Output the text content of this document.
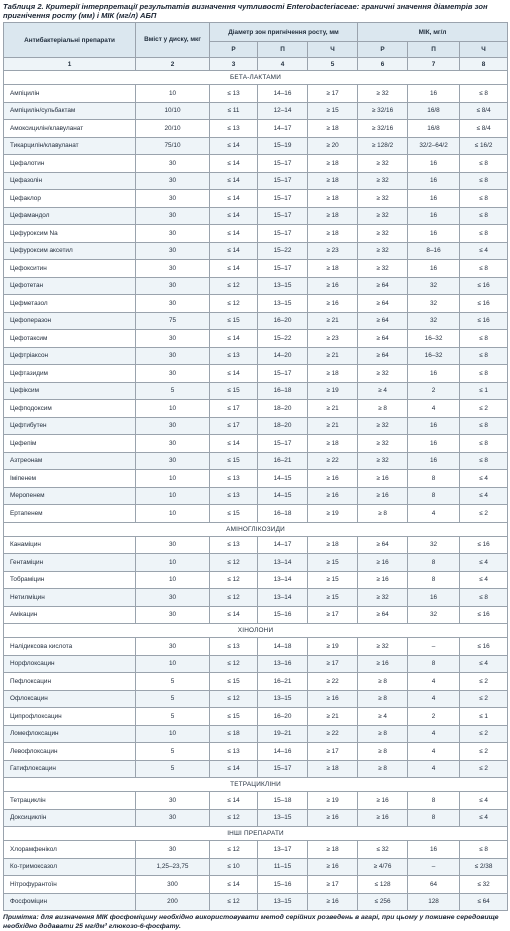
Таблиця 2. Критерії інтерпретації результатів визначення чутливості Enterobacteriaceae: граничні значення діаметрів зон пригнічення росту (мм) і МІК (мг/л) АБП
Антибактеріальні препарати	Вміст у диску, мкг	Діаметр зон пригнічення росту, мм			МІК, мг/л		
		Р	П	Ч	Р	П	Ч
1	2	3	4	5	6	7	8
БЕТА-ЛАКТАМИ							
Ампіцилін	10	≤ 13	14–16	≥ 17	≥ 32	16	≤ 8
Ампіцилін/сульбактам	10/10	≤ 11	12–14	≥ 15	≥ 32/16	16/8	≤ 8/4
Амоксицилін/клавуланат	20/10	≤ 13	14–17	≥ 18	≥ 32/16	16/8	≤ 8/4
Тикарцилін/клавуланат	75/10	≤ 14	15–19	≥ 20	≥ 128/2	32/2–64/2	≤ 16/2
Цефалотин	30	≤ 14	15–17	≥ 18	≥ 32	16	≤ 8
Цефазолін	30	≤ 14	15–17	≥ 18	≥ 32	16	≤ 8
Цефаклор	30	≤ 14	15–17	≥ 18	≥ 32	16	≤ 8
Цефамандол	30	≤ 14	15–17	≥ 18	≥ 32	16	≤ 8
Цефуроксим Na	30	≤ 14	15–17	≥ 18	≥ 32	16	≤ 8
Цефуроксим аксетил	30	≤ 14	15–22	≥ 23	≥ 32	8–16	≤ 4
Цефокситин	30	≤ 14	15–17	≥ 18	≥ 32	16	≤ 8
Цефотетан	30	≤ 12	13–15	≥ 16	≥ 64	32	≤ 16
Цефметазол	30	≤ 12	13–15	≥ 16	≥ 64	32	≤ 16
Цефоперазон	75	≤ 15	16–20	≥ 21	≥ 64	32	≤ 16
Цефотаксим	30	≤ 14	15–22	≥ 23	≥ 64	16–32	≤ 8
Цефтріаксон	30	≤ 13	14–20	≥ 21	≥ 64	16–32	≤ 8
Цефтазидим	30	≤ 14	15–17	≥ 18	≥ 32	16	≤ 8
Цефіксим	5	≤ 15	16–18	≥ 19	≥ 4	2	≤ 1
Цефподоксим	10	≤ 17	18–20	≥ 21	≥ 8	4	≤ 2
Цефтибутен	30	≤ 17	18–20	≥ 21	≥ 32	16	≤ 8
Цефепім	30	≤ 14	15–17	≥ 18	≥ 32	16	≤ 8
Азтреонам	30	≤ 15	16–21	≥ 22	≥ 32	16	≤ 8
Іміпенем	10	≤ 13	14–15	≥ 16	≥ 16	8	≤ 4
Меропенем	10	≤ 13	14–15	≥ 16	≥ 16	8	≤ 4
Ертапенем	10	≤ 15	16–18	≥ 19	≥ 8	4	≤ 2
АМІНОГЛІКОЗИДИ							
Канаміцин	30	≤ 13	14–17	≥ 18	≥ 64	32	≤ 16
Гентаміцин	10	≤ 12	13–14	≥ 15	≥ 16	8	≤ 4
Тобраміцин	10	≤ 12	13–14	≥ 15	≥ 16	8	≤ 4
Нетилміцин	30	≤ 12	13–14	≥ 15	≥ 32	16	≤ 8
Амікацин	30	≤ 14	15–16	≥ 17	≥ 64	32	≤ 16
ХІНОЛОНИ							
Налідиксова кислота	30	≤ 13	14–18	≥ 19	≥ 32	–	≤ 16
Норфлоксацин	10	≤ 12	13–16	≥ 17	≥ 16	8	≤ 4
Пефлоксацин	5	≤ 15	16–21	≥ 22	≥ 8	4	≤ 2
Офлоксацин	5	≤ 12	13–15	≥ 16	≥ 8	4	≤ 2
Ципрофлоксацин	5	≤ 15	16–20	≥ 21	≥ 4	2	≤ 1
Ломефлоксацин	10	≤ 18	19–21	≥ 22	≥ 8	4	≤ 2
Левофлоксацин	5	≤ 13	14–16	≥ 17	≥ 8	4	≤ 2
Гатифлоксацин	5	≤ 14	15–17	≥ 18	≥ 8	4	≤ 2
ТЕТРАЦИКЛІНИ							
Тетрациклін	30	≤ 14	15–18	≥ 19	≥ 16	8	≤ 4
Доксициклін	30	≤ 12	13–15	≥ 16	≥ 16	8	≤ 4
ІНШІ ПРЕПАРАТИ							
Хлорамфенікол	30	≤ 12	13–17	≥ 18	≤ 32	16	≤ 8
Ко-тримоксазол	1,25–23,75	≤ 10	11–15	≥ 16	≥ 4/76	–	≤ 2/38
Нітрофурантоїн	300	≤ 14	15–16	≥ 17	≤ 128	64	≤ 32
Фосфоміцин	200	≤ 12	13–15	≥ 16	≤ 256	128	≤ 64
Примітка: для визначення МІК фосфоміцину необхідно використовувати метод серійних розведень в агарі, при цьому у поживне середовище необхідно додавати 25 мг/дм³ глюкозо-6-фосфату.
